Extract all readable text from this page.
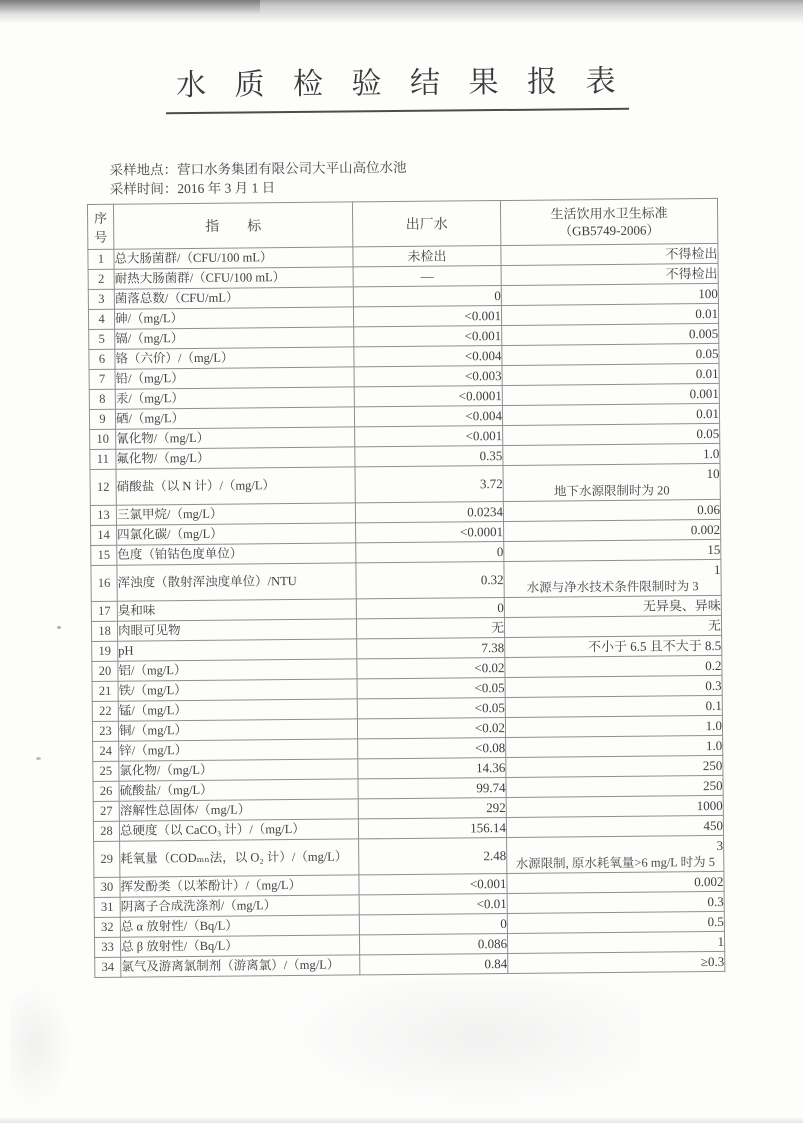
水 质 检 验 结 果 报 表
采样地点：营口水务集团有限公司大平山高位水池
采样时间：2016 年 3 月 1 日
序号	指　　标	出厂水	生活饮用水卫生标准
（GB5749-2006）

1	总大肠菌群/（CFU/100 mL）	未检出	不得检出
2	耐热大肠菌群/（CFU/100 mL）	—	不得检出
3	菌落总数/（CFU/mL）	0	100
4	砷/（mg/L）	<0.001	0.01
5	镉/（mg/L）	<0.001	0.005
6	铬（六价）/（mg/L）	<0.004	0.05
7	铅/（mg/L）	<0.003	0.01
8	汞/（mg/L）	<0.0001	0.001
9	硒/（mg/L）	<0.004	0.01
10	氰化物/（mg/L）	<0.001	0.05
11	氟化物/（mg/L）	0.35	1.0
12	硝酸盐（以 N 计）/（mg/L）	3.72	10
地下水源限制时为 20

13	三氯甲烷/（mg/L）	0.0234	0.06
14	四氯化碳/（mg/L）	<0.0001	0.002
15	色度（铂钴色度单位）	0	15
16	浑浊度（散射浑浊度单位）/NTU	0.32	1
水源与净水技术条件限制时为 3

17	臭和味	0	无异臭、异味
18	肉眼可见物	无	无
19	pH	7.38	不小于 6.5 且不大于 8.5
20	铝/（mg/L）	<0.02	0.2
21	铁/（mg/L）	<0.05	0.3
22	锰/（mg/L）	<0.05	0.1
23	铜/（mg/L）	<0.02	1.0
24	锌/（mg/L）	<0.08	1.0
25	氯化物/（mg/L）	14.36	250
26	硫酸盐/（mg/L）	99.74	250
27	溶解性总固体/（mg/L）	292	1000
28	总硬度（以 CaCO₃ 计）/（mg/L）	156.14	450
29	耗氧量（CODₘₙ法，以 O₂ 计）/（mg/L）	2.48	3
水源限制, 原水耗氧量>6 mg/L 时为 5

30	挥发酚类（以苯酚计）/（mg/L）	<0.001	0.002
31	阴离子合成洗涤剂/（mg/L）	<0.01	0.3
32	总 α 放射性/（Bq/L）	0	0.5
33	总 β 放射性/（Bq/L）	0.086	1
34	氯气及游离氯制剂（游离氯）/（mg/L）	0.84	≥0.3
